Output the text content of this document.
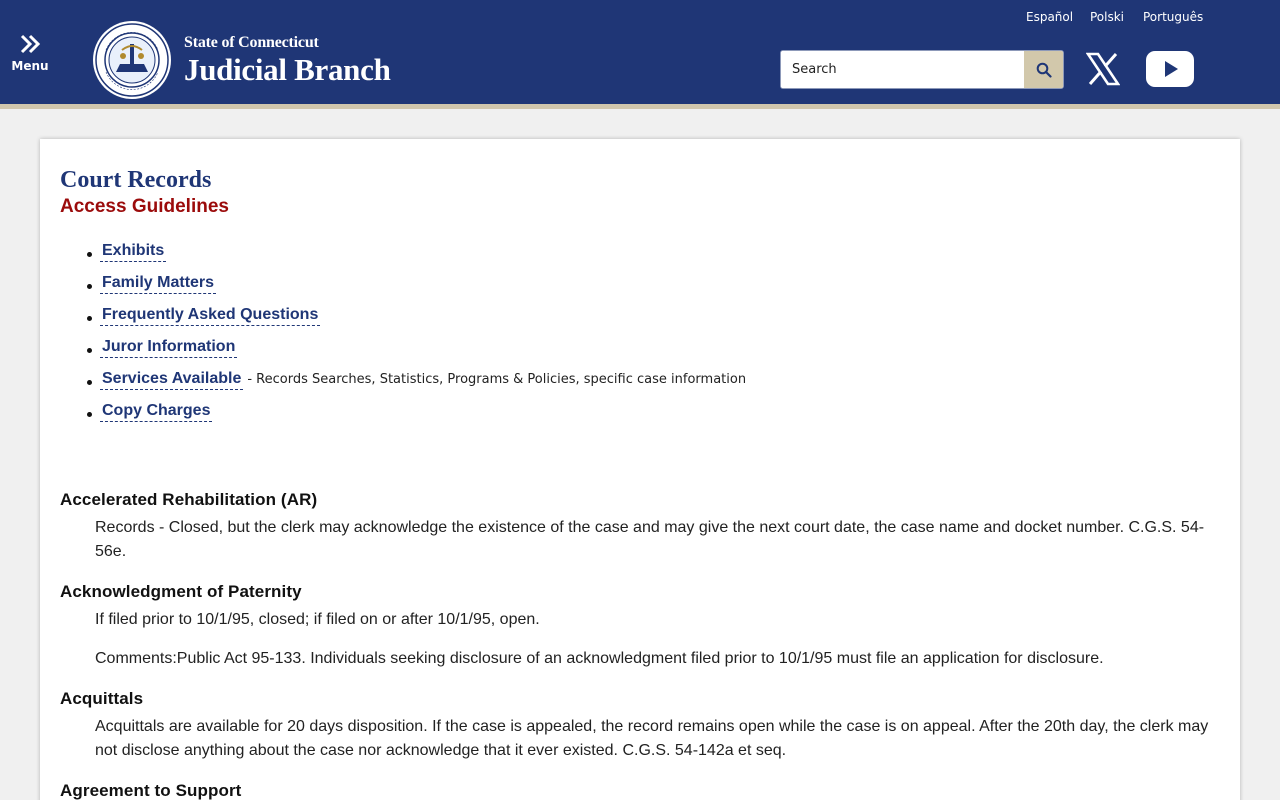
Menu
State of Connecticut
Judicial Branch
Español Polski Português
Search
Court Records
Access Guidelines
Exhibits
Family Matters
Frequently Asked Questions
Juror Information
Services Available - Records Searches, Statistics, Programs & Policies, specific case information
Copy Charges
Accelerated Rehabilitation (AR)

Records - Closed, but the clerk may acknowledge the existence of the case and may give the next court date, the case name and docket number. C.G.S. 54-56e.

Acknowledgment of Paternity

If filed prior to 10/1/95, closed; if filed on or after 10/1/95, open.

Comments:Public Act 95-133. Individuals seeking disclosure of an acknowledgment filed prior to 10/1/95 must file an application for disclosure.

Acquittals

Acquittals are available for 20 days disposition. If the case is appealed, the record remains open while the case is on appeal. After the 20th day, the clerk may not disclose anything about the case nor acknowledge that it ever existed. C.G.S. 54-142a et seq.

Agreement to Support
